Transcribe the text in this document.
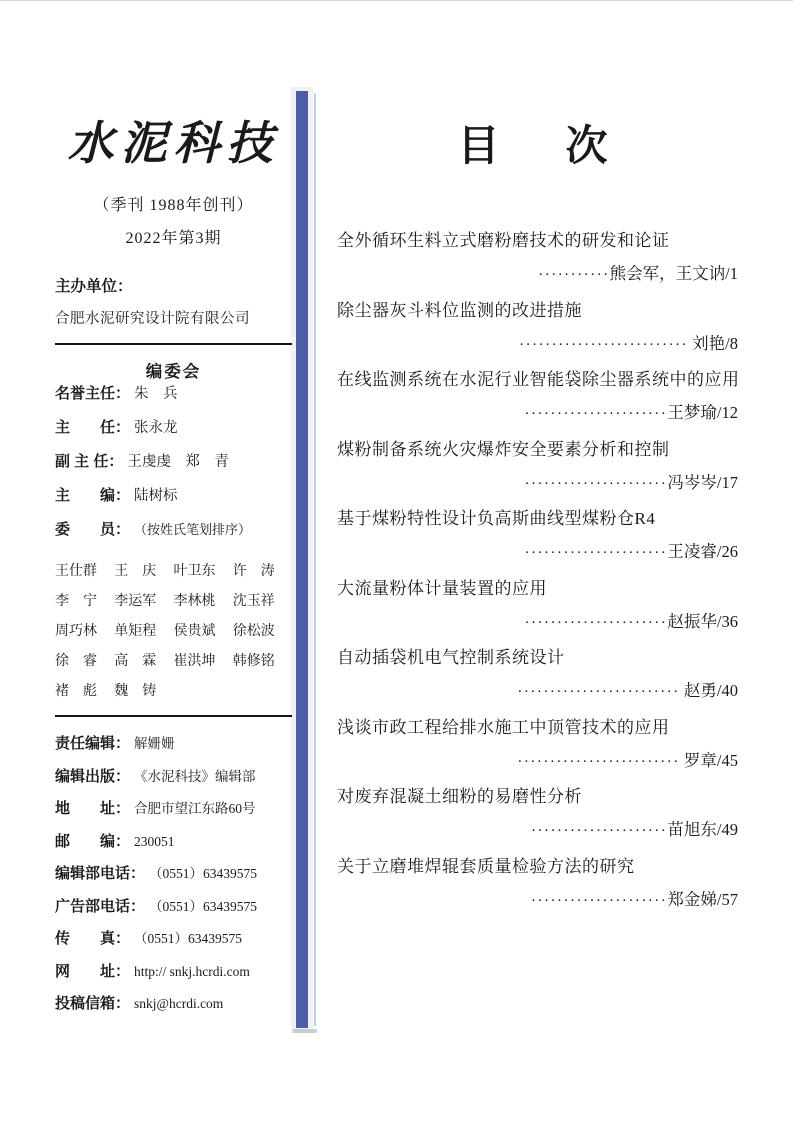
水泥科技
（季刊 1988年创刊）
2022年第3期
主办单位：
合肥水泥研究设计院有限公司
编委会
名誉主任： 朱　兵
主　　任： 张永龙
副 主 任： 王虔虔　郑　青
主　　编： 陆树标
委　　员： （按姓氏笔划排序）
王仕群	王　庆	叶卫东	许　涛
李　宁	李运军	李林桃	沈玉祥
周巧林	单矩程	侯贵斌	徐松波
徐　睿	高　霖	崔洪坤	韩修铭
褚　彪	魏　铸
责任编辑： 解姗姗
编辑出版： 《水泥科技》编辑部
地　　址： 合肥市望江东路60号
邮　　编： 230051
编辑部电话： （0551）63439575
广告部电话： （0551）63439575
传　　真： （0551）63439575
网　　址： http:// snkj.hcrdi.com
投稿信箱： snkj@hcrdi.com
目　次
全外循环生料立式磨粉磨技术的研发和论证
···········熊会军，王文讷/1
除尘器灰斗料位监测的改进措施
·························· 刘艳/8
在线监测系统在水泥行业智能袋除尘器系统中的应用
······················王梦瑜/12
煤粉制备系统火灾爆炸安全要素分析和控制
······················冯岑岑/17
基于煤粉特性设计负高斯曲线型煤粉仓R4
······················王凌睿/26
大流量粉体计量装置的应用
······················赵振华/36
自动插袋机电气控制系统设计
························· 赵勇/40
浅谈市政工程给排水施工中顶管技术的应用
························· 罗章/45
对废弃混凝土细粉的易磨性分析
·····················苗旭东/49
关于立磨堆焊辊套质量检验方法的研究
·····················郑金娣/57
